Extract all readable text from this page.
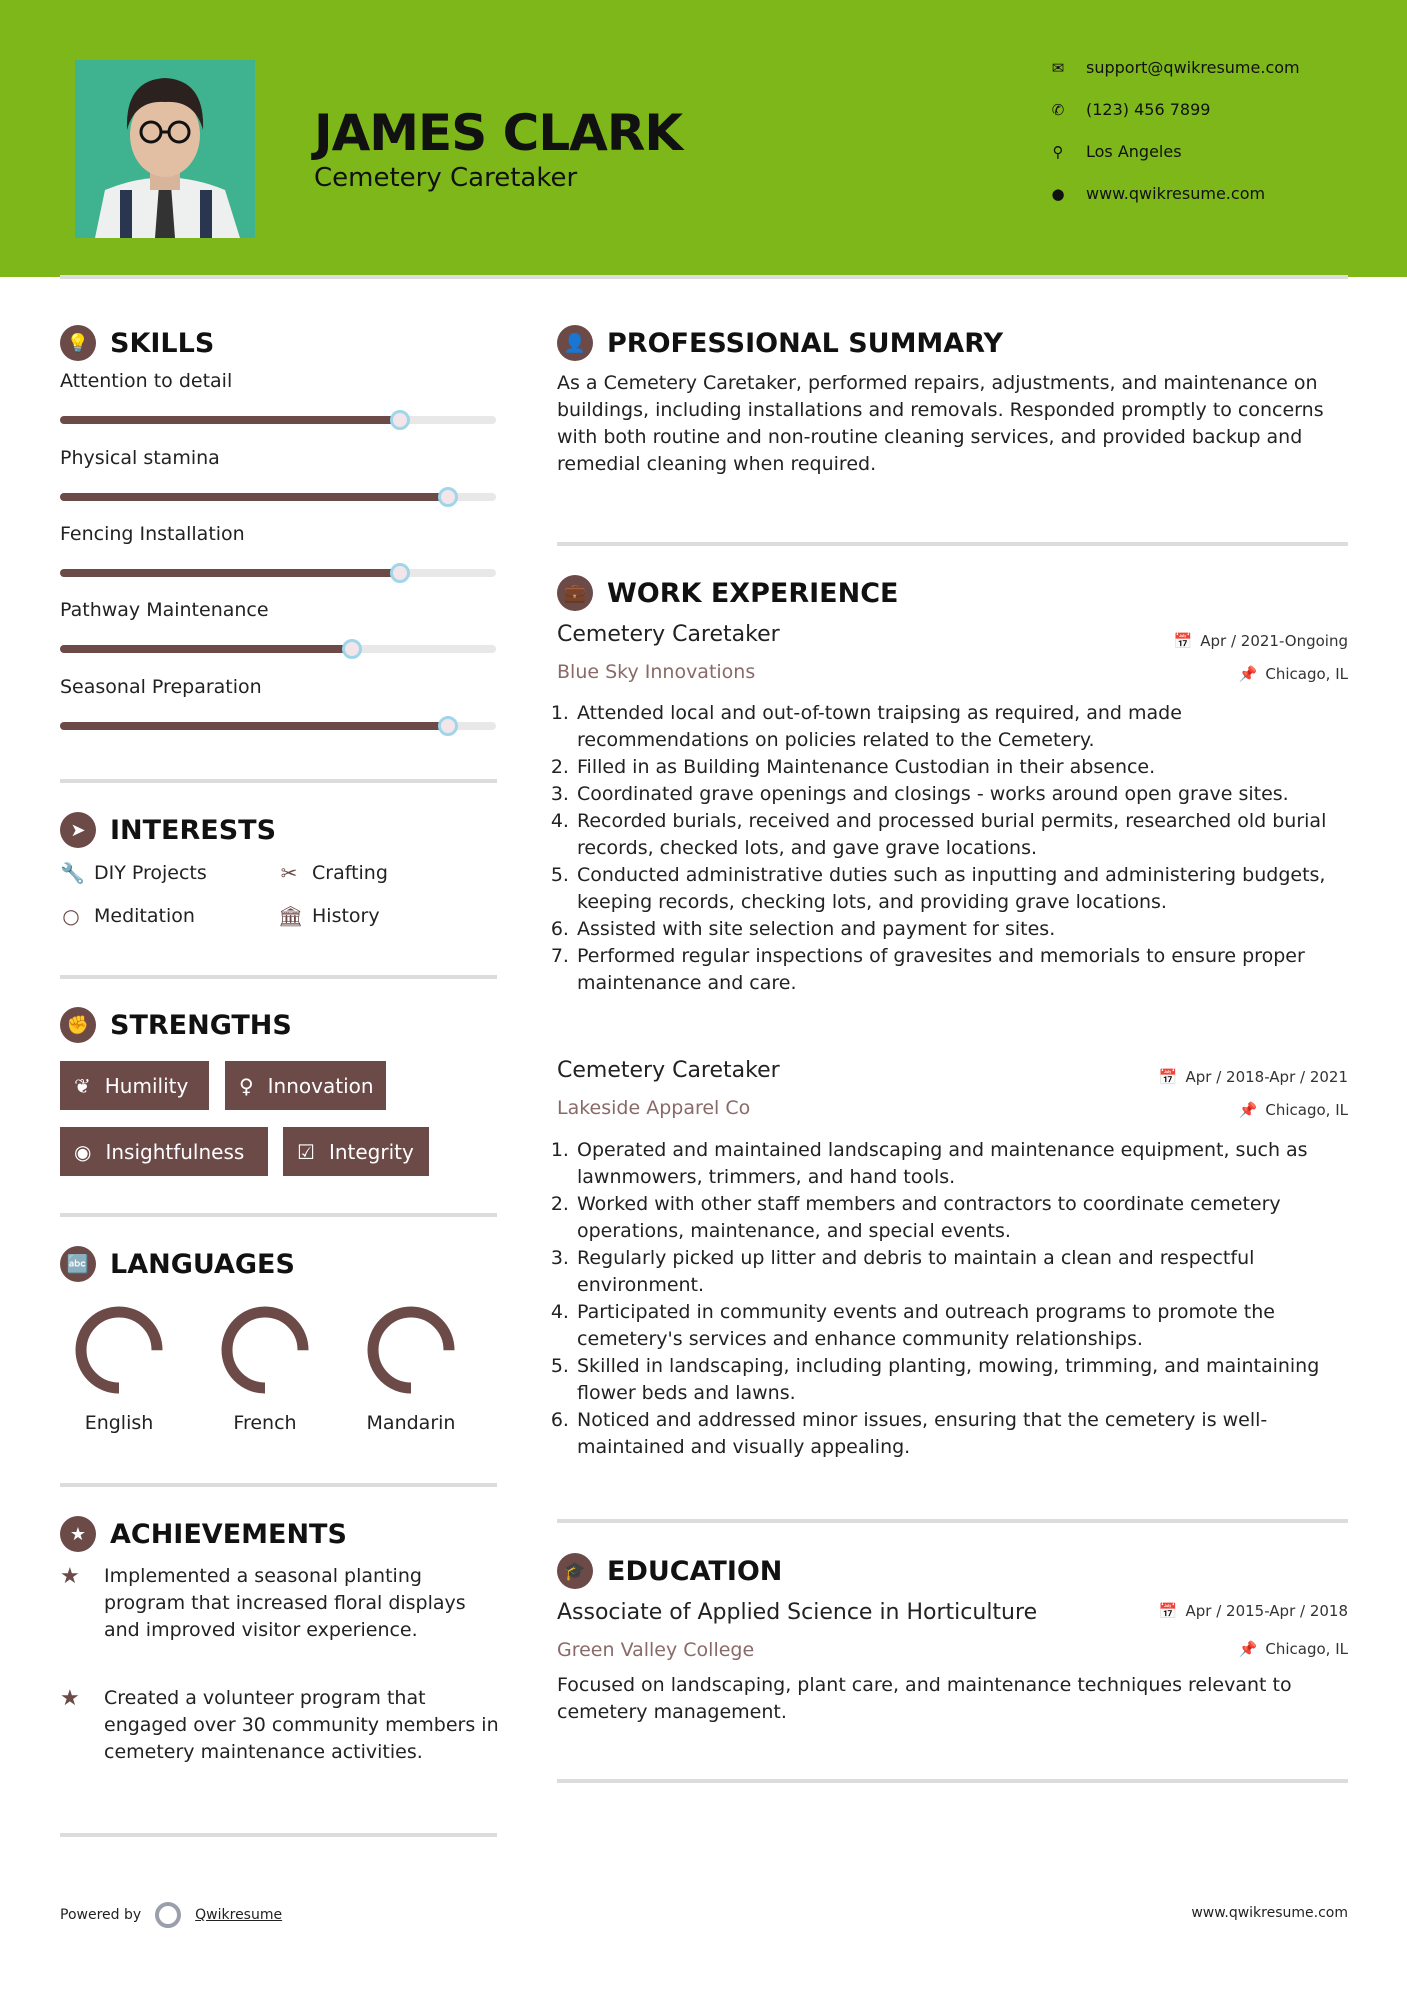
JAMES CLARK
Cemetery Caretaker
✉ support@qwikresume.com
✆ (123) 456 7899
⚲ Los Angeles
● www.qwikresume.com
💡 SKILLS
Attention to detail
Physical stamina
Fencing Installation
Pathway Maintenance
Seasonal Preparation
➤ INTERESTS
🔧 DIY Projects	✂ Crafting
○ Meditation	🏛 History
✊ STRENGTHS
❦ Humility	♀ Innovation
◉ Insightfulness	☑ Integrity
🔤 LANGUAGES
English	French	Mandarin
★ ACHIEVEMENTS
★	Implemented a seasonal planting program that increased floral displays and improved visitor experience.
★	Created a volunteer program that engaged over 30 community members in cemetery maintenance activities.
👤 PROFESSIONAL SUMMARY
As a Cemetery Caretaker, performed repairs, adjustments, and maintenance on buildings, including installations and removals. Responded promptly to concerns with both routine and non-routine cleaning services, and provided backup and remedial cleaning when required.
💼 WORK EXPERIENCE
Cemetery Caretaker	📅 Apr / 2021-Ongoing
Blue Sky Innovations	📌 Chicago, IL
1. Attended local and out-of-town traipsing as required, and made recommendations on policies related to the Cemetery.
2. Filled in as Building Maintenance Custodian in their absence.
3. Coordinated grave openings and closings - works around open grave sites.
4. Recorded burials, received and processed burial permits, researched old burial records, checked lots, and gave grave locations.
5. Conducted administrative duties such as inputting and administering budgets, keeping records, checking lots, and providing grave locations.
6. Assisted with site selection and payment for sites.
7. Performed regular inspections of gravesites and memorials to ensure proper maintenance and care.
Cemetery Caretaker	📅 Apr / 2018-Apr / 2021
Lakeside Apparel Co	📌 Chicago, IL
1. Operated and maintained landscaping and maintenance equipment, such as lawnmowers, trimmers, and hand tools.
2. Worked with other staff members and contractors to coordinate cemetery operations, maintenance, and special events.
3. Regularly picked up litter and debris to maintain a clean and respectful environment.
4. Participated in community events and outreach programs to promote the cemetery's services and enhance community relationships.
5. Skilled in landscaping, including planting, mowing, trimming, and maintaining flower beds and lawns.
6. Noticed and addressed minor issues, ensuring that the cemetery is well-maintained and visually appealing.
🎓 EDUCATION
Associate of Applied Science in Horticulture	📅 Apr / 2015-Apr / 2018
Green Valley College	📌 Chicago, IL
Focused on landscaping, plant care, and maintenance techniques relevant to cemetery management.
Powered by	Qwikresume	www.qwikresume.com
